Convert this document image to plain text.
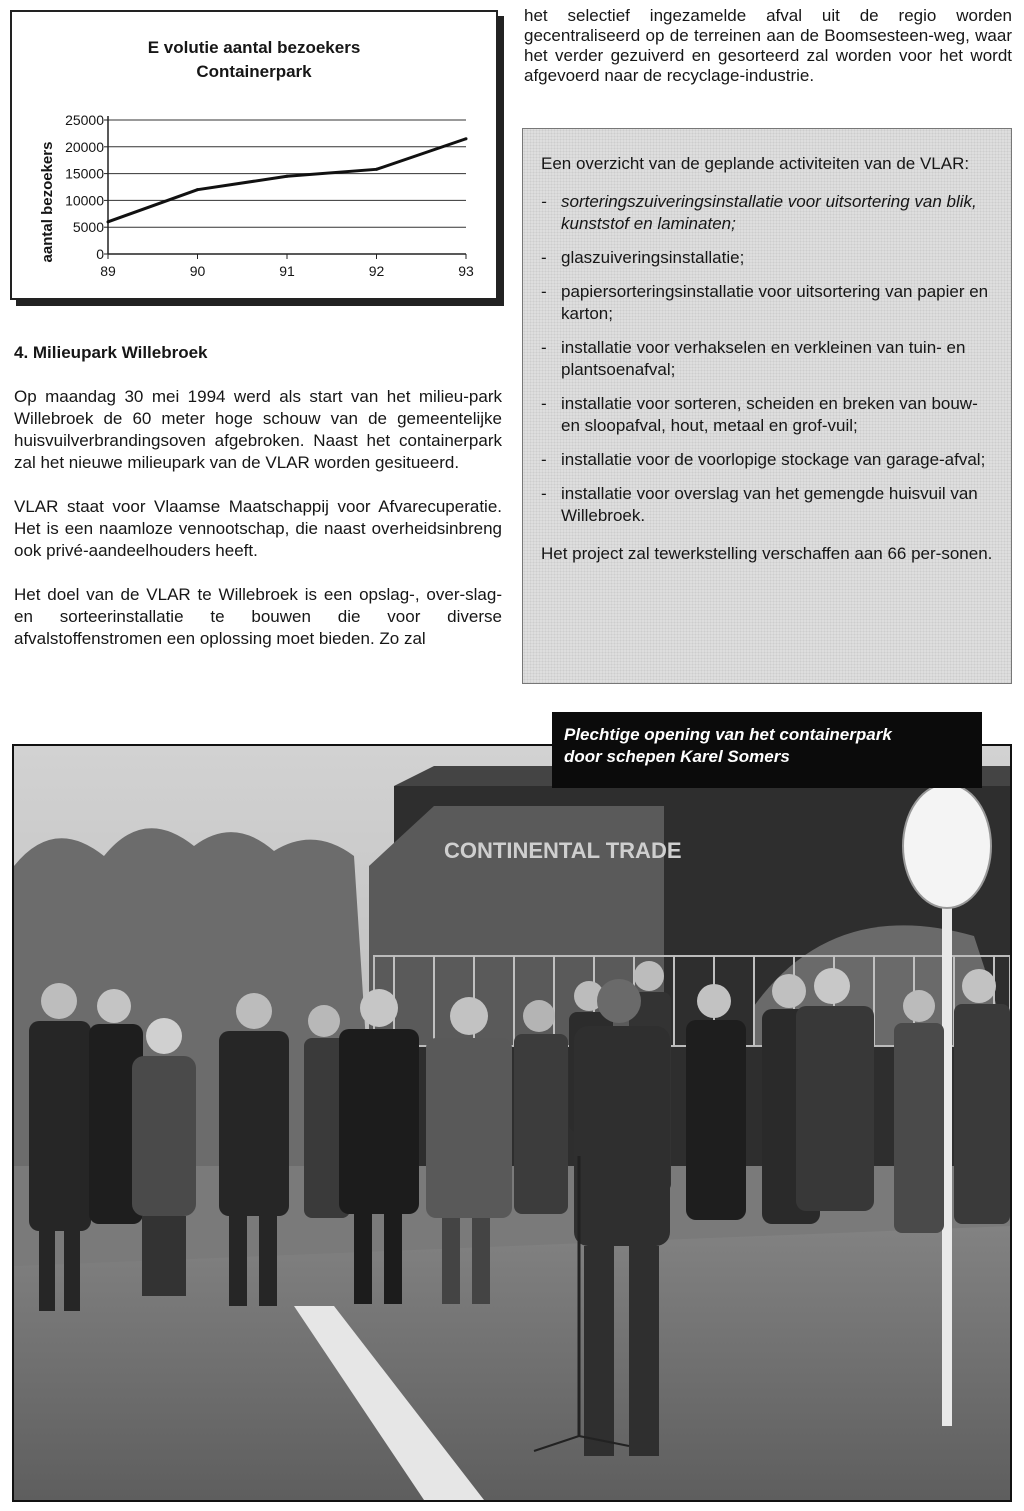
E volutie aantal bezoekers
Containerpark
aantal bezoekers
25000
20000
15000
10000
5000
0
89	90	91	92	93
4. Milieupark Willebroek

Op maandag 30 mei 1994 werd als start van het milieu-park Willebroek de 60 meter hoge schouw van de gemeentelijke huisvuilverbrandingsoven afgebroken. Naast het containerpark zal het nieuwe milieupark van de VLAR worden gesitueerd.

VLAR staat voor Vlaamse Maatschappij voor Afvarecuperatie. Het is een naamloze vennootschap, die naast overheidsinbreng ook privé-aandeelhouders heeft.

Het doel van de VLAR te Willebroek is een opslag-, over-slag- en sorteerinstallatie te bouwen die voor diverse afvalstoffenstromen een oplossing moet bieden. Zo zal

het selectief ingezamelde afval uit de regio worden gecentraliseerd op de terreinen aan de Boomsesteen-weg, waar het verder gezuiverd en gesorteerd zal worden voor het wordt afgevoerd naar de recyclage-industrie.

Een overzicht van de geplande activiteiten van de VLAR:

- sorteringszuiveringsinstallatie voor uitsortering van blik, kunststof en laminaten;
- glaszuiveringsinstallatie;
- papiersorteringsinstallatie voor uitsortering van papier en karton;
- installatie voor verhakselen en verkleinen van tuin- en plantsoenafval;
- installatie voor sorteren, scheiden en breken van bouw- en sloopafval, hout, metaal en grof-vuil;
- installatie voor de voorlopige stockage van garage-afval;
- installatie voor overslag van het gemengde huisvuil van Willebroek.

Het project zal tewerkstelling verschaffen aan 66 per-sonen.

CONTINENTAL TRADE
Plechtige opening van het containerpark
door schepen Karel Somers
